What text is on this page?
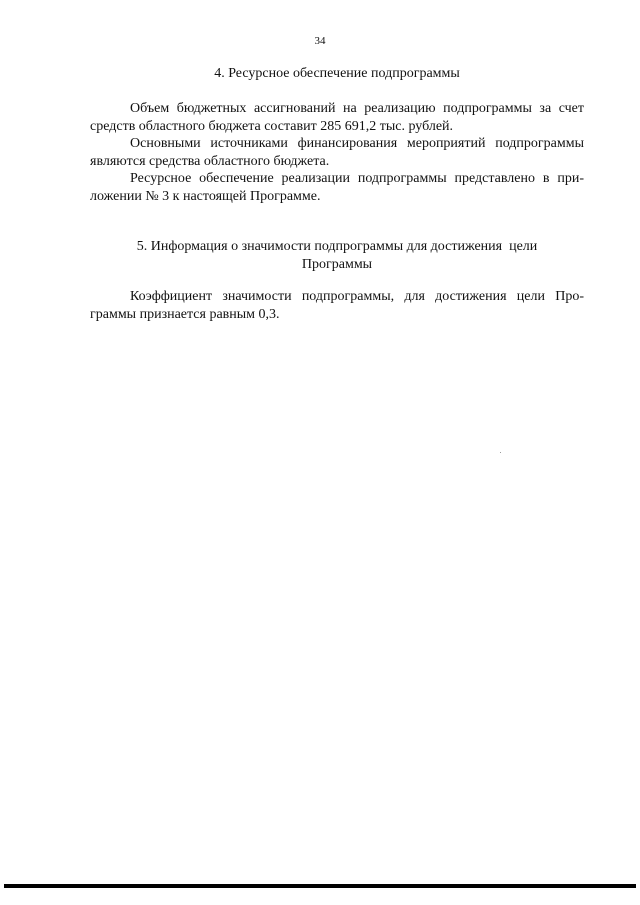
34
4. Ресурсное обеспечение подпрограммы

Объем бюджетных ассигнований на реализацию подпрограммы за счет
средств областного бюджета составит 285 691,2 тыс. рублей.

Основными источниками финансирования мероприятий подпрограммы
являются средства областного бюджета.

Ресурсное обеспечение реализации подпрограммы представлено в при-
ложении № 3 к настоящей Программе.

5. Информация о значимости подпрограммы для достижения  цели
Программы

Коэффициент значимости подпрограммы, для достижения цели Про-
граммы признается равным 0,3.
